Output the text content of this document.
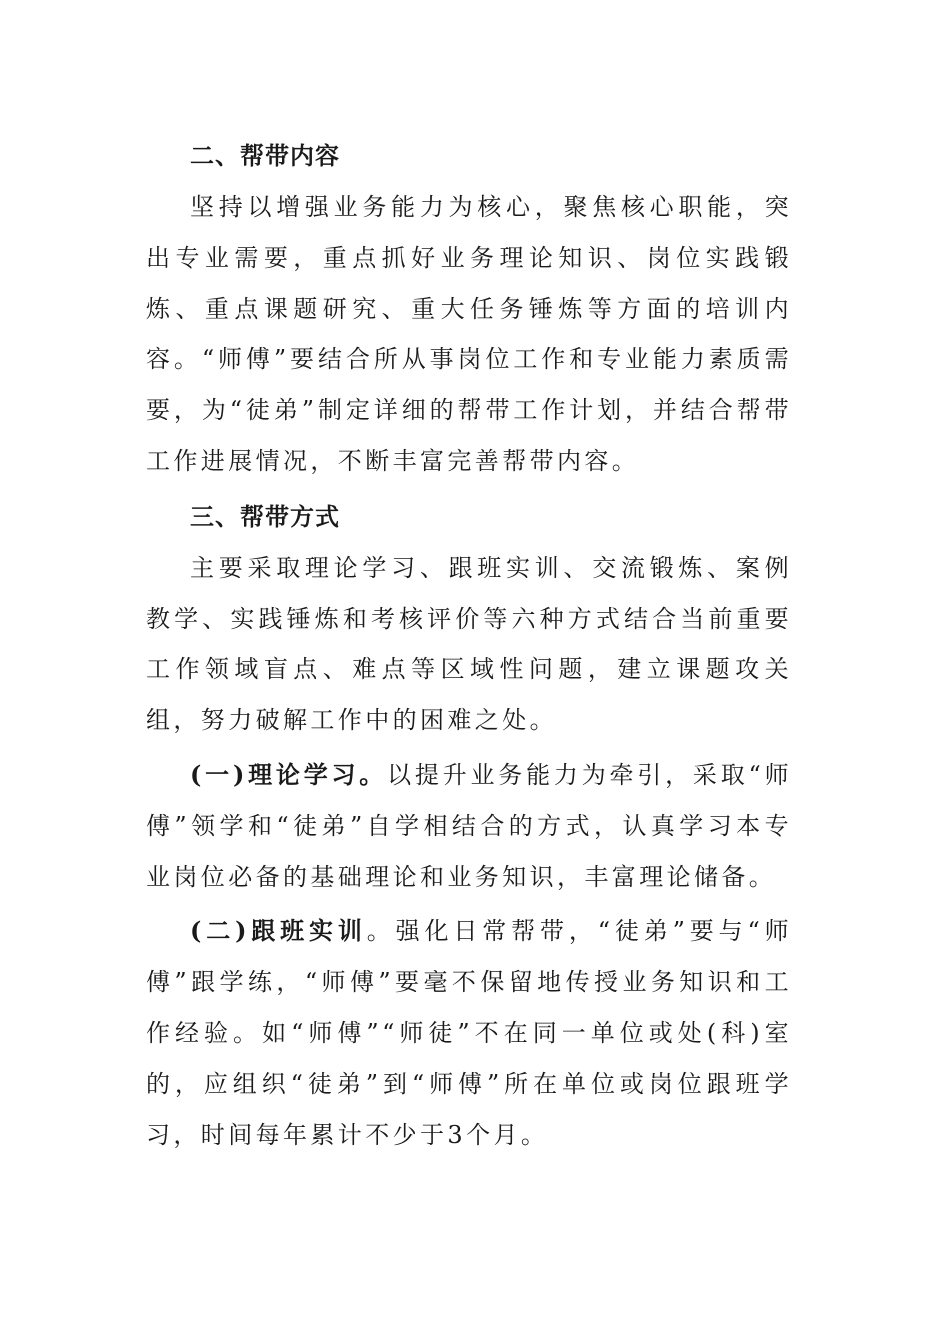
二、帮带内容

坚持以增强业务能力为核心，聚焦核心职能，突出专业需要，重点抓好业务理论知识、岗位实践锻炼、重点课题研究、重大任务锤炼等方面的培训内容。“师傅”要结合所从事岗位工作和专业能力素质需要，为“徒弟”制定详细的帮带工作计划，并结合帮带工作进展情况，不断丰富完善帮带内容。

三、帮带方式

主要采取理论学习、跟班实训、交流锻炼、案例教学、实践锤炼和考核评价等六种方式结合当前重要工作领域盲点、难点等区域性问题，建立课题攻关组，努力破解工作中的困难之处。

(一)理论学习。以提升业务能力为牵引，采取“师傅”领学和“徒弟”自学相结合的方式，认真学习本专业岗位必备的基础理论和业务知识，丰富理论储备。

(二)跟班实训。强化日常帮带，“徒弟”要与“师傅”跟学练，“师傅”要毫不保留地传授业务知识和工作经验。如“师傅”“师徒”不在同一单位或处(科)室的，应组织“徒弟”到“师傅”所在单位或岗位跟班学习，时间每年累计不少于3个月。
